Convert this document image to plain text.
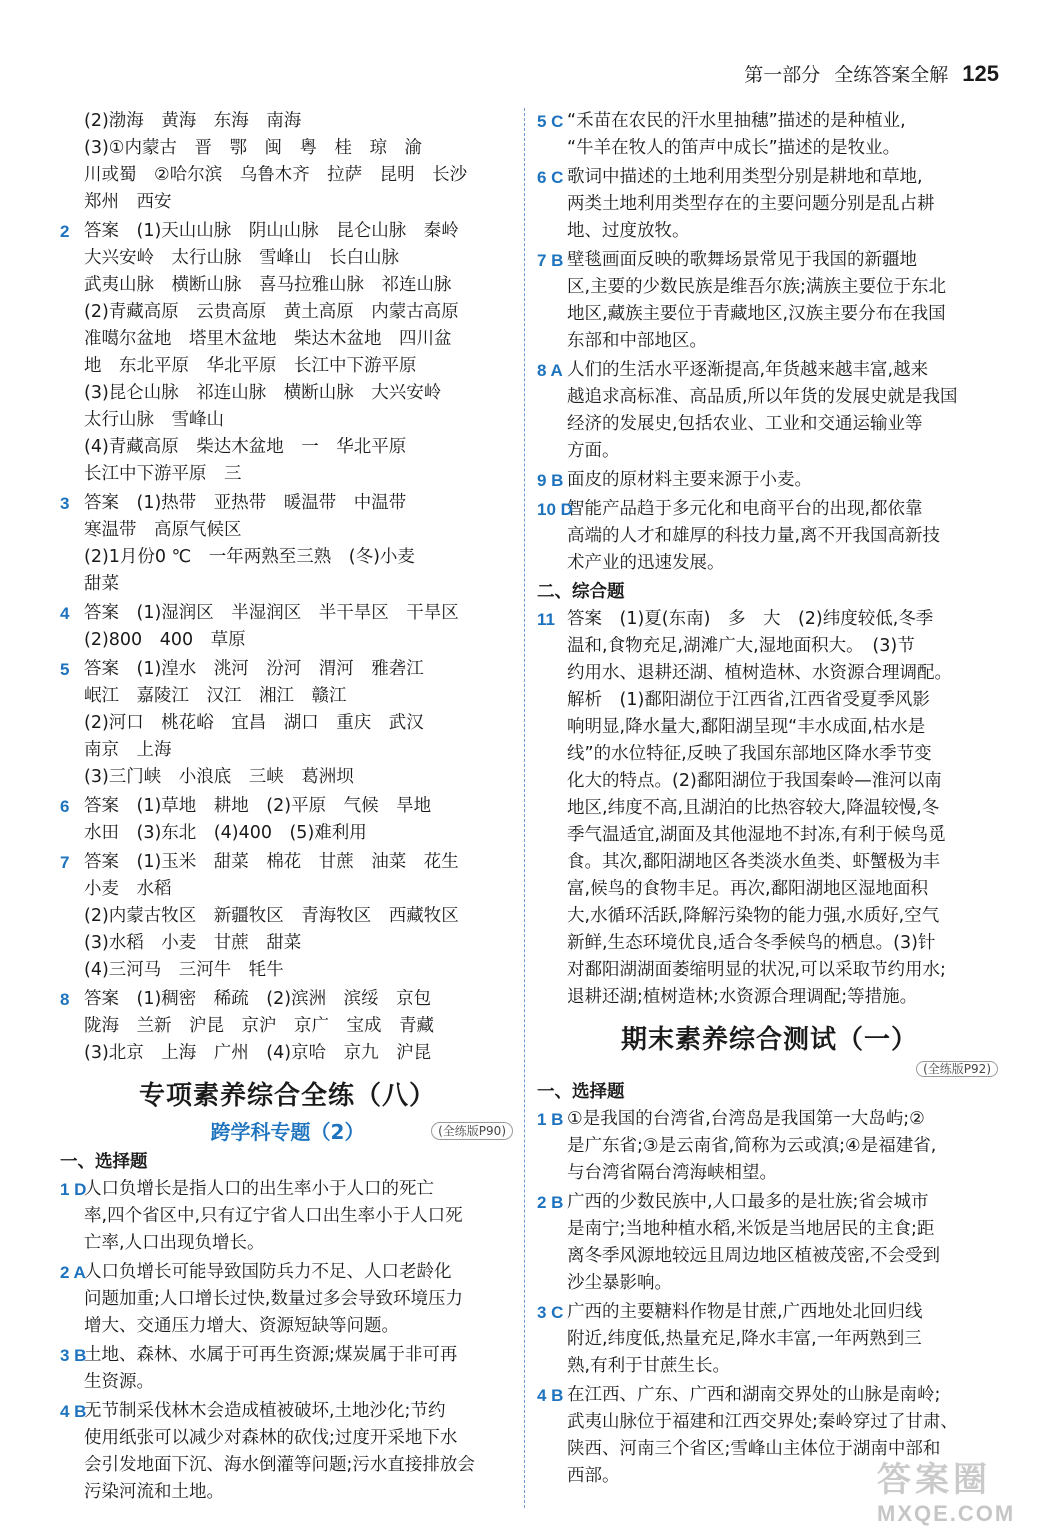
第一部分 全练答案全解 125
(2)渤海　黄海　东海　南海
(3)①内蒙古　晋　鄂　闽　粤　桂　琼　渝
川或蜀　②哈尔滨　乌鲁木齐　拉萨　昆明　长沙
郑州　西安
2 答案　(1)天山山脉　阴山山脉　昆仑山脉　秦岭
大兴安岭　太行山脉　雪峰山　长白山脉
武夷山脉　横断山脉　喜马拉雅山脉　祁连山脉
(2)青藏高原　云贵高原　黄土高原　内蒙古高原
准噶尔盆地　塔里木盆地　柴达木盆地　四川盆
地　东北平原　华北平原　长江中下游平原
(3)昆仑山脉　祁连山脉　横断山脉　大兴安岭
太行山脉　雪峰山
(4)青藏高原　柴达木盆地　一　华北平原
长江中下游平原　三
3 答案　(1)热带　亚热带　暖温带　中温带
寒温带　高原气候区
(2)1月份0 ℃　一年两熟至三熟　(冬)小麦
甜菜
4 答案　(1)湿润区　半湿润区　半干旱区　干旱区
(2)800　400　草原
5 答案　(1)湟水　洮河　汾河　渭河　雅砻江
岷江　嘉陵江　汉江　湘江　赣江
(2)河口　桃花峪　宜昌　湖口　重庆　武汉
南京　上海
(3)三门峡　小浪底　三峡　葛洲坝
6 答案　(1)草地　耕地　(2)平原　气候　旱地
水田　(3)东北　(4)400　(5)难利用
7 答案　(1)玉米　甜菜　棉花　甘蔗　油菜　花生
小麦　水稻
(2)内蒙古牧区　新疆牧区　青海牧区　西藏牧区
(3)水稻　小麦　甘蔗　甜菜
(4)三河马　三河牛　牦牛
8 答案　(1)稠密　稀疏　(2)滨洲　滨绥　京包
陇海　兰新　沪昆　京沪　京广　宝成　青藏
(3)北京　上海　广州　(4)京哈　京九　沪昆
专项素养综合全练（八）
跨学科专题（2）	(全练版P90)
一、选择题
1 D
人口负增长是指人口的出生率小于人口的死亡
率,四个省区中,只有辽宁省人口出生率小于人口死
亡率,人口出现负增长。
2 A
人口负增长可能导致国防兵力不足、人口老龄化
问题加重;人口增长过快,数量过多会导致环境压力
增大、交通压力增大、资源短缺等问题。
3 B
土地、森林、水属于可再生资源;煤炭属于非可再
生资源。
4 B
无节制采伐林木会造成植被破坏,土地沙化;节约
使用纸张可以减少对森林的砍伐;过度开采地下水
会引发地面下沉、海水倒灌等问题;污水直接排放会
污染河流和土地。
5 C “禾苗在农民的汗水里抽穗”描述的是种植业,
“牛羊在牧人的笛声中成长”描述的是牧业。
6 C 歌词中描述的土地利用类型分别是耕地和草地,
两类土地利用类型存在的主要问题分别是乱占耕
地、过度放牧。
7 B 壁毯画面反映的歌舞场景常见于我国的新疆地
区,主要的少数民族是维吾尔族;满族主要位于东北
地区,藏族主要位于青藏地区,汉族主要分布在我国
东部和中部地区。
8 A 人们的生活水平逐渐提高,年货越来越丰富,越来
越追求高标准、高品质,所以年货的发展史就是我国
经济的发展史,包括农业、工业和交通运输业等
方面。
9 B 面皮的原材料主要来源于小麦。
10 D
智能产品趋于多元化和电商平台的出现,都依靠
高端的人才和雄厚的科技力量,离不开我国高新技
术产业的迅速发展。
二、综合题
11 答案　(1)夏(东南)　多　大　(2)纬度较低,冬季
温和,食物充足,湖滩广大,湿地面积大。　(3)节
约用水、退耕还湖、植树造林、水资源合理调配。
解析　(1)鄱阳湖位于江西省,江西省受夏季风影
响明显,降水量大,鄱阳湖呈现“丰水成面,枯水是
线”的水位特征,反映了我国东部地区降水季节变
化大的特点。(2)鄱阳湖位于我国秦岭—淮河以南
地区,纬度不高,且湖泊的比热容较大,降温较慢,冬
季气温适宜,湖面及其他湿地不封冻,有利于候鸟觅
食。其次,鄱阳湖地区各类淡水鱼类、虾蟹极为丰
富,候鸟的食物丰足。再次,鄱阳湖地区湿地面积
大,水循环活跃,降解污染物的能力强,水质好,空气
新鲜,生态环境优良,适合冬季候鸟的栖息。(3)针
对鄱阳湖湖面萎缩明显的状况,可以采取节约用水;
退耕还湖;植树造林;水资源合理调配;等措施。
期末素养综合测试（一）
(全练版P92)
一、选择题
1 B ①是我国的台湾省,台湾岛是我国第一大岛屿;②
是广东省;③是云南省,简称为云或滇;④是福建省,
与台湾省隔台湾海峡相望。
2 B 广西的少数民族中,人口最多的是壮族;省会城市
是南宁;当地种植水稻,米饭是当地居民的主食;距
离冬季风源地较远且周边地区植被茂密,不会受到
沙尘暴影响。
3 C 广西的主要糖料作物是甘蔗,广西地处北回归线
附近,纬度低,热量充足,降水丰富,一年两熟到三
熟,有利于甘蔗生长。
4 B 在江西、广东、广西和湖南交界处的山脉是南岭;
武夷山脉位于福建和江西交界处;秦岭穿过了甘肃、
陕西、河南三个省区;雪峰山主体位于湖南中部和
西部。	答案圈
MXQE.COM
